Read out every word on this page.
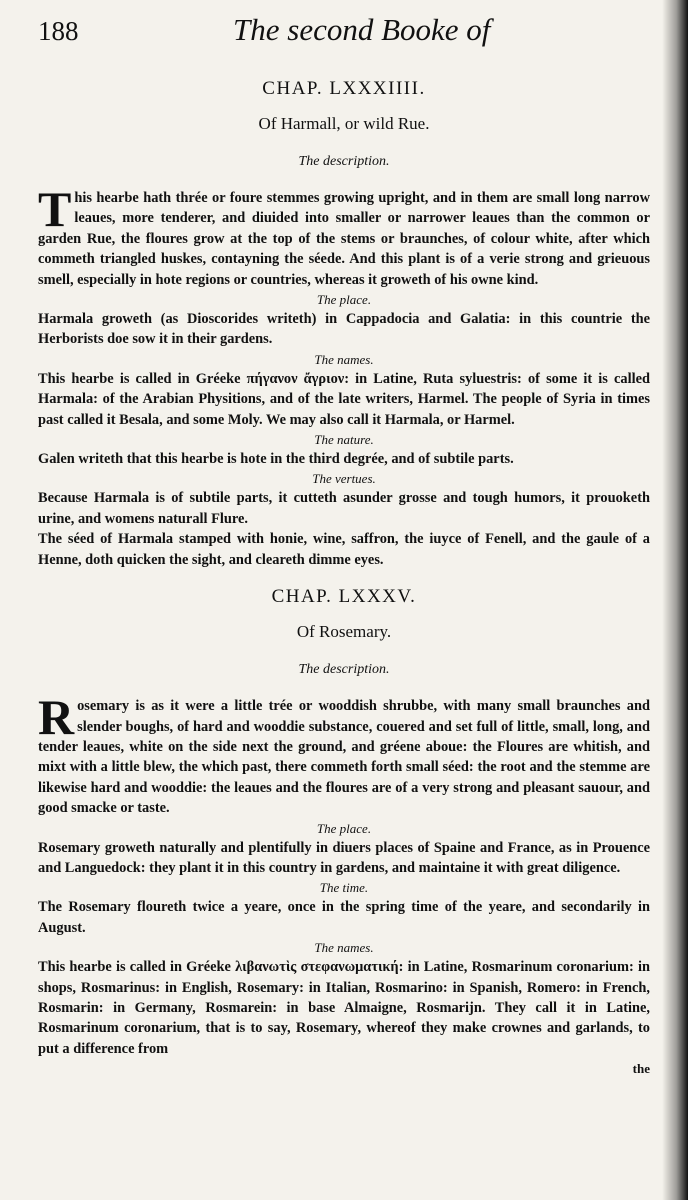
188	The second Booke of
CHAP. LXXXIIII.
Of Harmall, or wild Rue.
The description.

This hearbe hath thrée or foure stemmes growing upright, and in them are small long narrow leaues, more tenderer, and diuided into smaller or narrower leaues than the common or garden Rue, the floures grow at the top of the stems or braunches, of colour white, after which commeth triangled huskes, contayning the séede. And this plant is of a verie strong and grieuous smell, especially in hote regions or countries, whereas it groweth of his owne kind.

The place.

Harmala groweth (as Dioscorides writeth) in Cappadocia and Galatia: in this countrie the Herborists doe sow it in their gardens.

The names.

This hearbe is called in Gréeke πήγανον ἄγριον: in Latine, Ruta syluestris: of some it is called Harmala: of the Arabian Physitions, and of the late writers, Harmel. The people of Syria in times past called it Besala, and some Moly. We may also call it Harmala, or Harmel.

The nature.

Galen writeth that this hearbe is hote in the third degrée, and of subtile parts.

The vertues.

Because Harmala is of subtile parts, it cutteth asunder grosse and tough humors, it prouoketh urine, and womens naturall Flure.

The séed of Harmala stamped with honie, wine, saffron, the iuyce of Fenell, and the gaule of a Henne, doth quicken the sight, and cleareth dimme eyes.

CHAP. LXXXV.
Of Rosemary.
The description.

Rosemary is as it were a little trée or wooddish shrubbe, with many small braunches and slender boughs, of hard and wooddie substance, couered and set full of little, small, long, and tender leaues, white on the side next the ground, and gréene aboue: the Floures are whitish, and mixt with a little blew, the which past, there commeth forth small séed: the root and the stemme are likewise hard and wooddie: the leaues and the floures are of a very strong and pleasant sauour, and good smacke or taste.

The place.

Rosemary groweth naturally and plentifully in diuers places of Spaine and France, as in Prouence and Languedock: they plant it in this country in gardens, and maintaine it with great diligence.

The time.

The Rosemary floureth twice a yeare, once in the spring time of the yeare, and secondarily in August.

The names.

This hearbe is called in Gréeke λιβανωτὶς στεφανωματική: in Latine, Rosmarinum coronarium: in shops, Rosmarinus: in English, Rosemary: in Italian, Rosmarino: in Spanish, Romero: in French, Rosmarin: in Germany, Rosmarein: in base Almaigne, Rosmarijn. They call it in Latine, Rosmarinum coronarium, that is to say, Rosemary, whereof they make crownes and garlands, to put a difference from

the
